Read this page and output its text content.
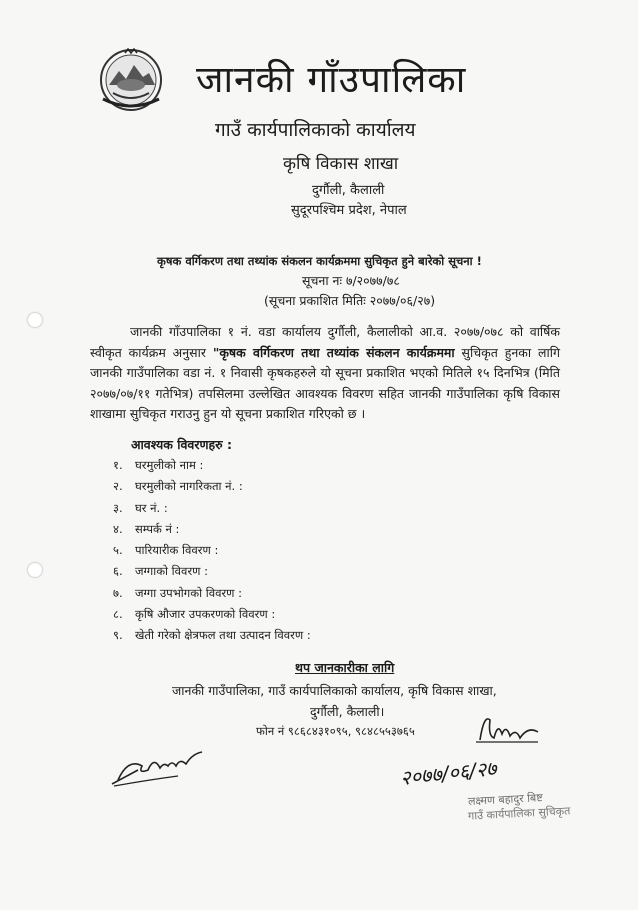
जानकी गाँउपालिका
गाउँ कार्यपालिकाको कार्यालय
कृषि विकास शाखा
दुर्गौली, कैलाली
सुदूरपश्चिम प्रदेश, नेपाल
कृषक वर्गिकरण तथा तथ्यांक संकलन कार्यक्रममा सुचिकृत हुने बारेको सूचना !
सूचना नः ७/२०७७/७८
(सूचना प्रकाशित मितिः २०७७/०६/२७)
जानकी गाँउपालिका १ नं. वडा कार्यालय दुर्गौली, कैलालीको आ.व. २०७७/०७८ को वार्षिक स्वीकृत कार्यक्रम अनुसार "कृषक वर्गिकरण तथा तथ्यांक संकलन कार्यक्रममा सुचिकृत हुनका लागि जानकी गाउँपालिका वडा नं. १ निवासी कृषकहरुले यो सूचना प्रकाशित भएको मितिले १५ दिनभित्र (मिति २०७७/०७/११ गतेभित्र) तपसिलमा उल्लेखित आवश्यक विवरण सहित जानकी गाउँपालिका कृषि विकास शाखामा सुचिकृत गराउनु हुन यो सूचना प्रकाशित गरिएको छ ।
आवश्यक विवरणहरु :
१. घरमुलीको नाम :
२. घरमुलीको नागरिकता नं. :
३. घर नं. :
४. सम्पर्क नं :
५. पारियारीक विवरण :
६. जग्गाको विवरण :
७. जग्गा उपभोगको विवरण :
८. कृषि औजार उपकरणको विवरण :
९. खेती गरेको क्षेत्रफल तथा उत्पादन विवरण :
थप जानकारीका लागि
जानकी गाउँपालिका, गाउँ कार्यपालिकाको कार्यालय, कृषि विकास शाखा,
दुर्गौली, कैलाली।
फोन नं ९८६८४३१०९५, ९८४८५५३७६५
२०७७/०६/२७
लक्ष्मण बहादुर बिष्ट
गाउँ कार्यपालिका सुचिकृत
